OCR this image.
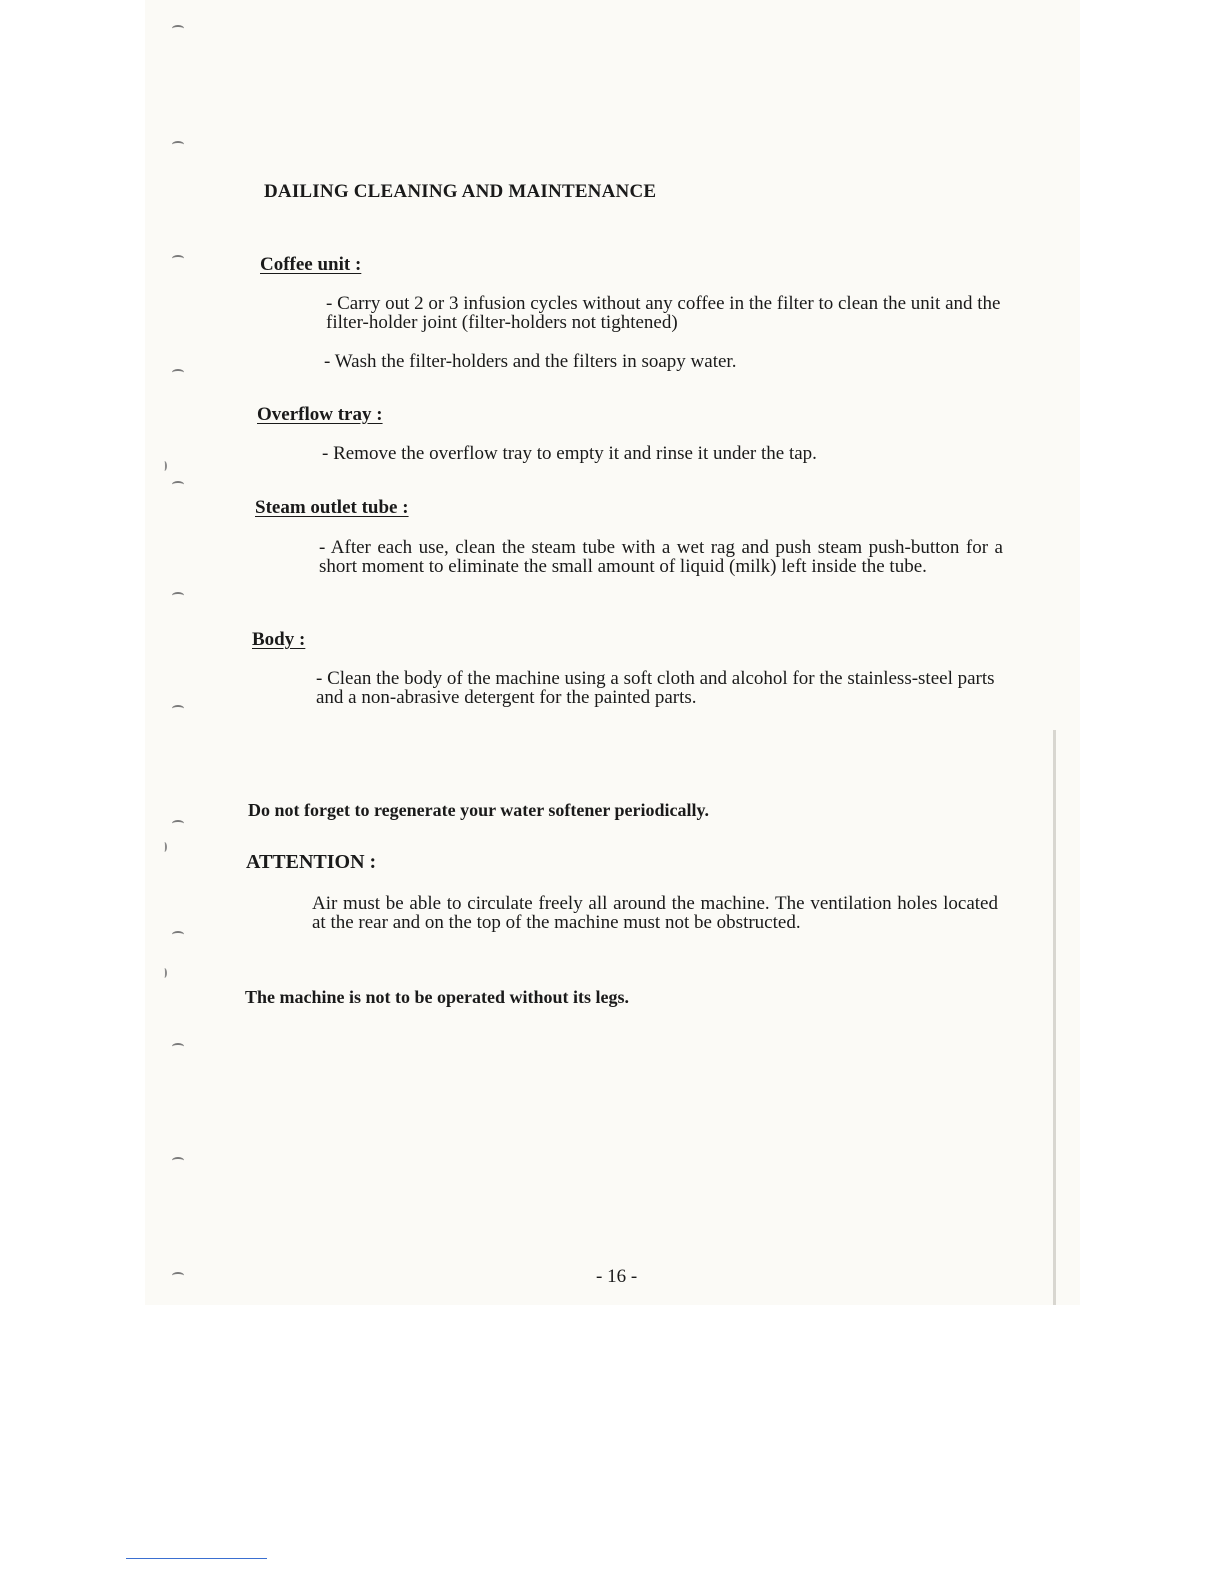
DAILING CLEANING AND MAINTENANCE
Coffee unit :

- Carry out 2 or 3 infusion cycles without any coffee in the filter to clean the unit and the filter-holder joint (filter-holders not tightened)

- Wash the filter-holders and the filters in soapy water.

Overflow tray :

- Remove the overflow tray to empty it and rinse it under the tap.

Steam outlet tube :

- After each use, clean the steam tube with a wet rag and push steam push-button for a short moment to eliminate the small amount of liquid (milk) left inside the tube.

Body :

- Clean the body of the machine using a soft cloth and alcohol for the stainless-steel parts and a non-abrasive detergent for the painted parts.

Do not forget to regenerate your water softener periodically.

ATTENTION :

Air must be able to circulate freely all around the machine. The ventilation holes located at the rear and on the top of the machine must not be obstructed.

The machine is not to be operated without its legs.

- 16 -
